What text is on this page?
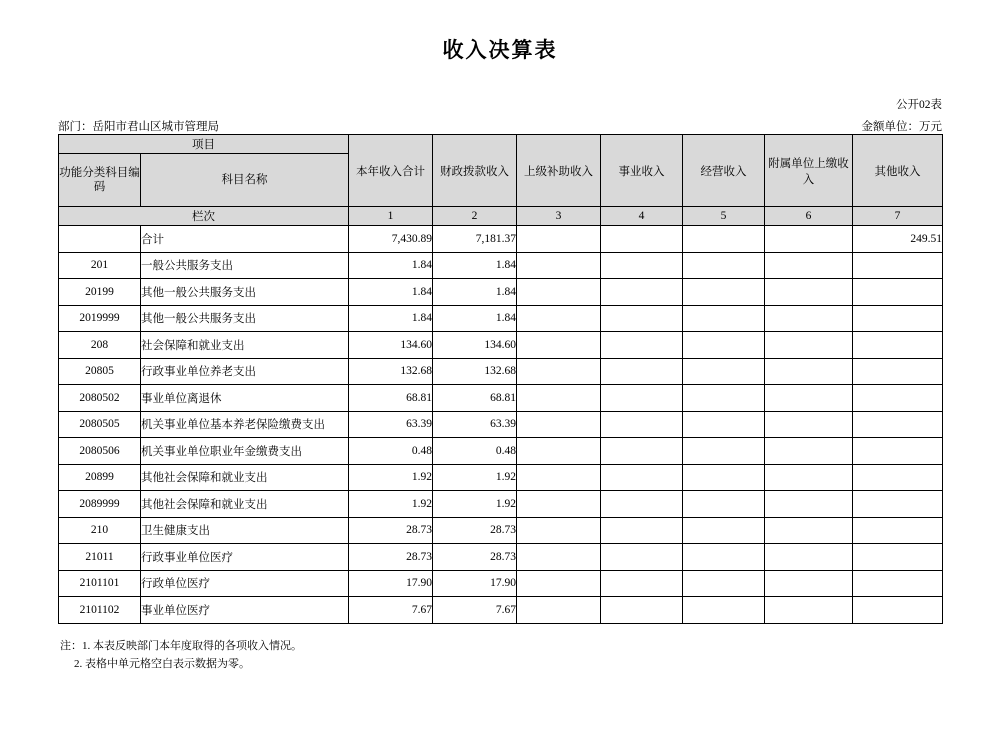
收入决算表
公开02表
部门：岳阳市君山区城市管理局	金额单位：万元
项目		本年收入合计	财政拨款收入	上级补助收入	事业收入	经营收入	附属单位上缴收入	其他收入
功能分类科目编码	科目名称							
栏次		1	2	3	4	5	6	7
	合计	7,430.89	7,181.37					249.51
201	一般公共服务支出	1.84	1.84					
20199	其他一般公共服务支出	1.84	1.84					
2019999	其他一般公共服务支出	1.84	1.84					
208	社会保障和就业支出	134.60	134.60					
20805	行政事业单位养老支出	132.68	132.68					
2080502	事业单位离退休	68.81	68.81					
2080505	机关事业单位基本养老保险缴费支出	63.39	63.39					
2080506	机关事业单位职业年金缴费支出	0.48	0.48					
20899	其他社会保障和就业支出	1.92	1.92					
2089999	其他社会保障和就业支出	1.92	1.92					
210	卫生健康支出	28.73	28.73					
21011	行政事业单位医疗	28.73	28.73					
2101101	行政单位医疗	17.90	17.90					
2101102	事业单位医疗	7.67	7.67					
注：1. 本表反映部门本年度取得的各项收入情况。
2. 表格中单元格空白表示数据为零。
